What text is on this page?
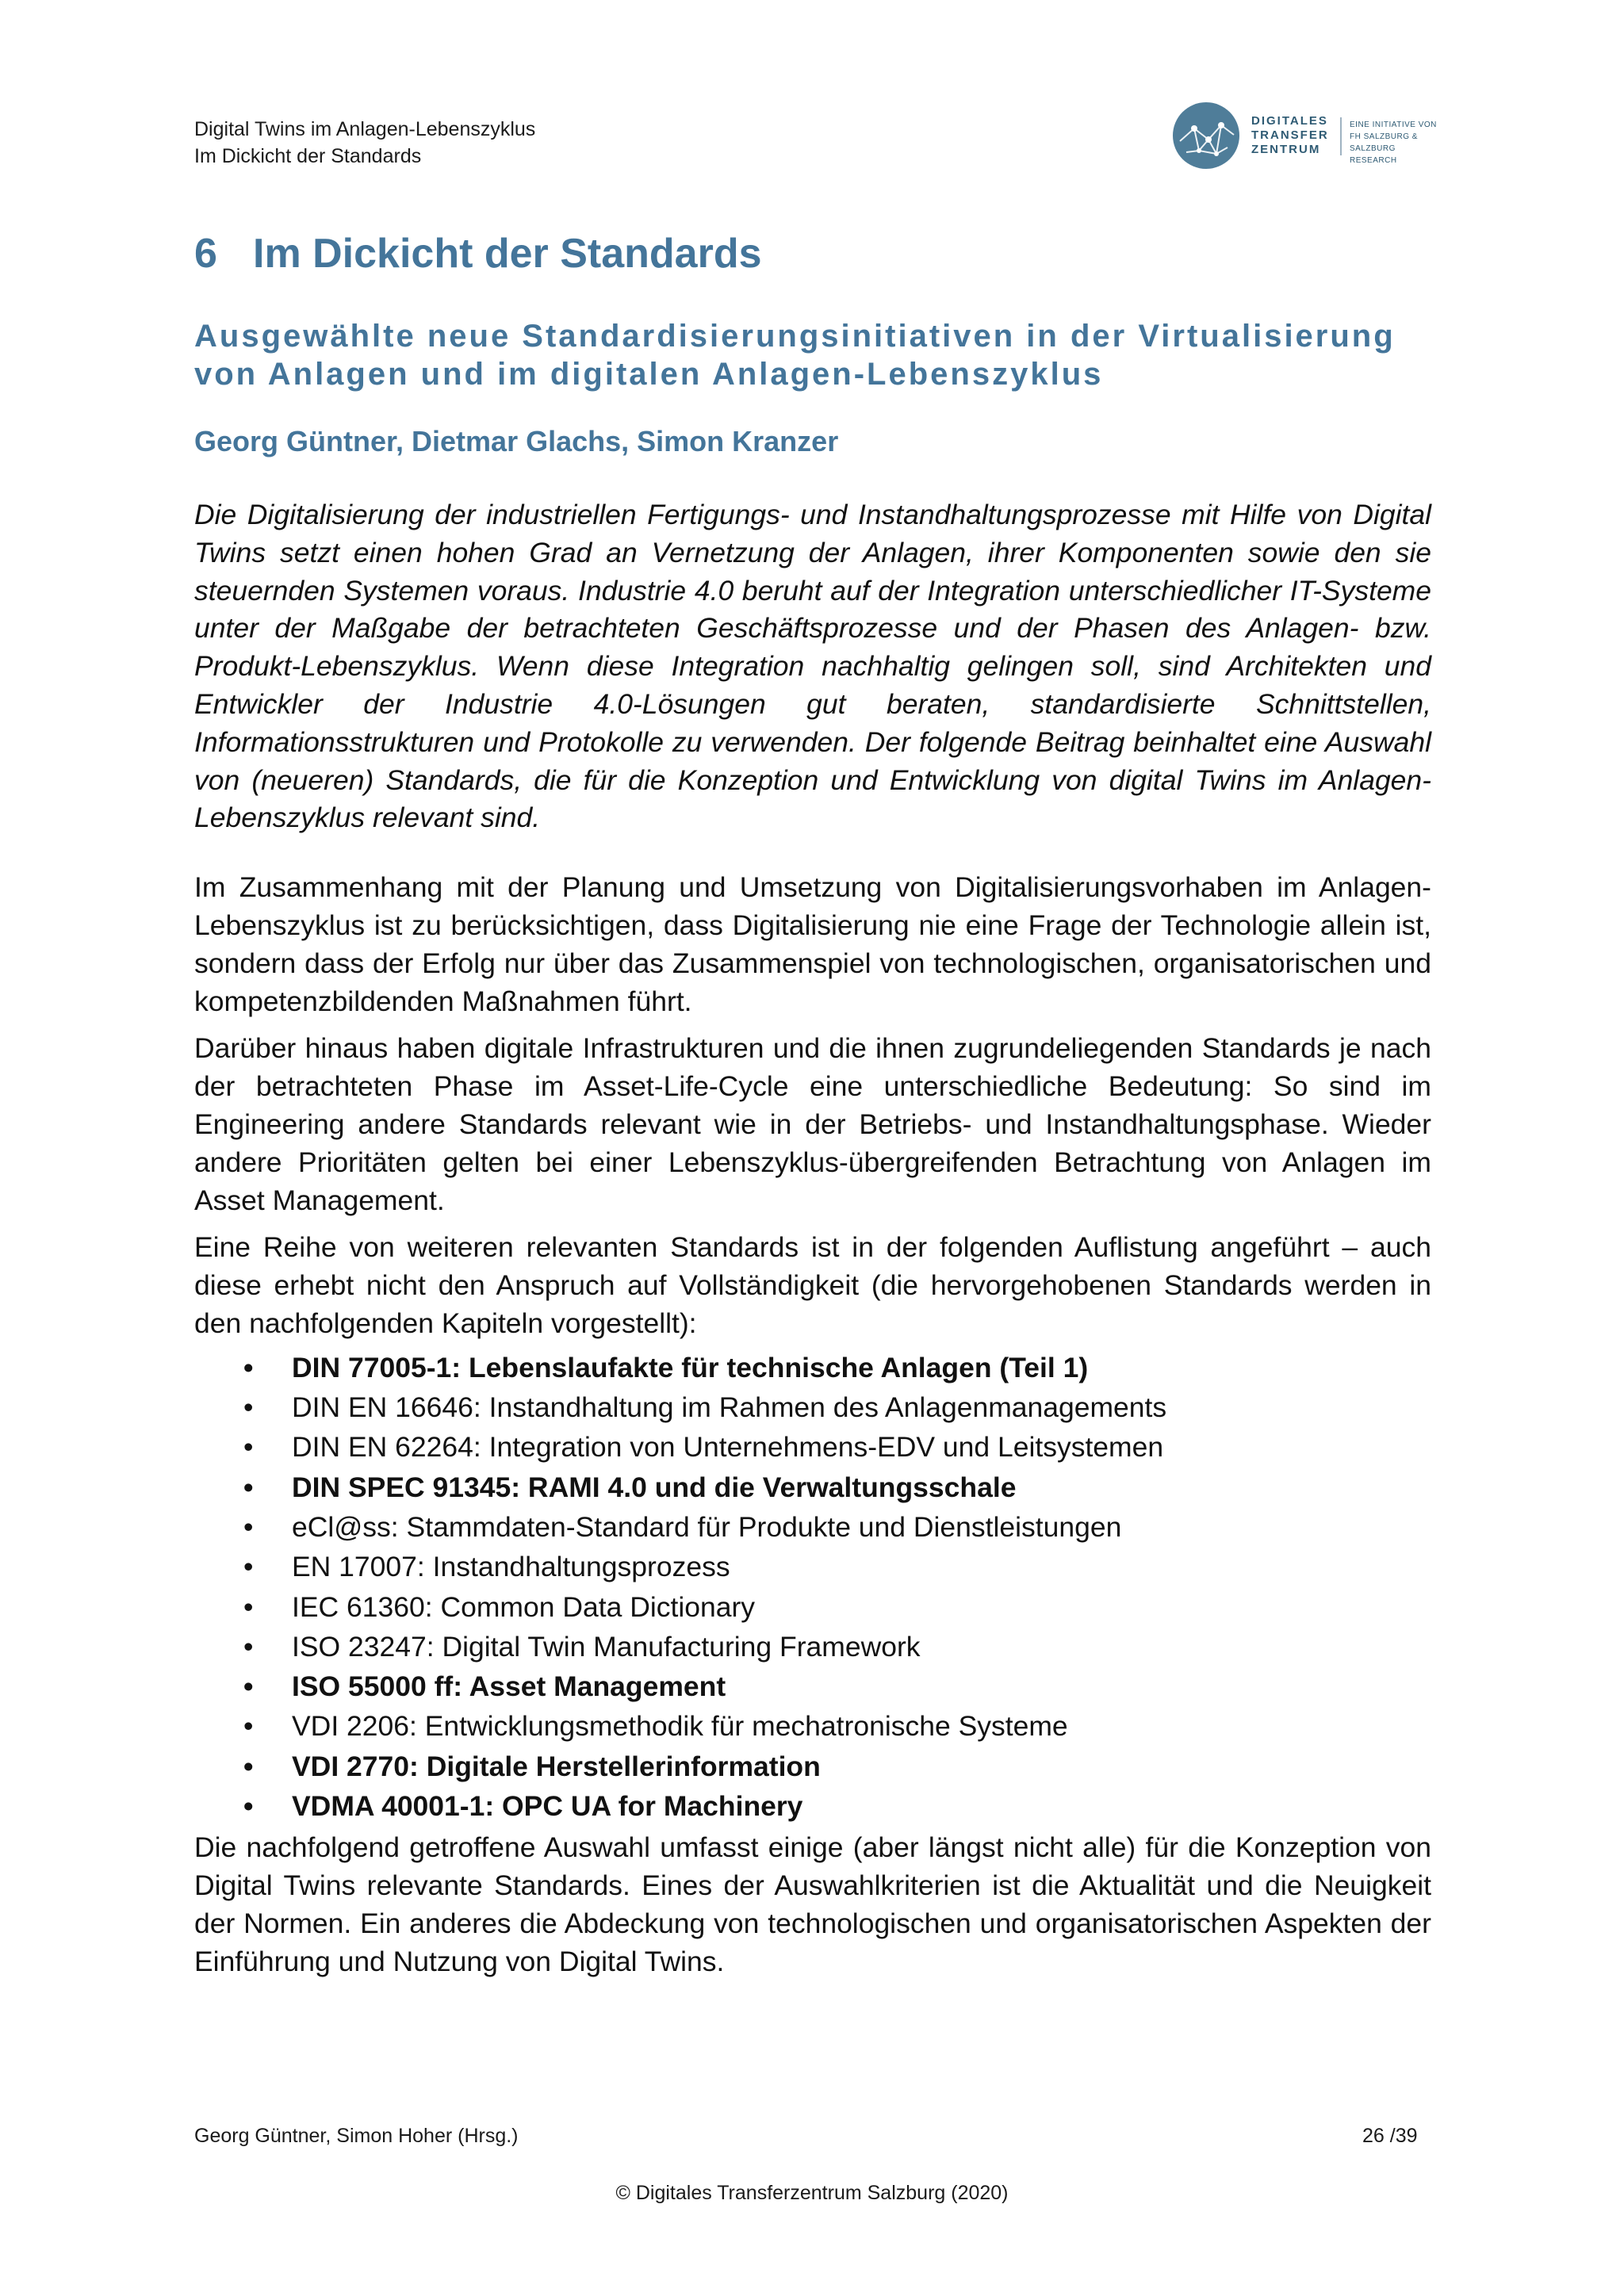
Digital Twins im Anlagen-Lebenszyklus
Im Dickicht der Standards
DIGITALES
TRANSFER
ZENTRUM
EINE INITIATIVE VON
FH SALZBURG &
SALZBURG RESEARCH
6 Im Dickicht der Standards
Ausgewählte neue Standardisierungsinitiativen in der Virtualisierung
von Anlagen und im digitalen Anlagen-Lebenszyklus
Georg Güntner, Dietmar Glachs, Simon Kranzer

Die Digitalisierung der industriellen Fertigungs- und Instandhaltungsprozesse mit Hilfe von Digital Twins setzt einen hohen Grad an Vernetzung der Anlagen, ihrer Komponenten sowie den sie steuernden Systemen voraus. Industrie 4.0 beruht auf der Integration unterschiedlicher IT-Systeme unter der Maßgabe der betrachteten Geschäftsprozesse und der Phasen des Anlagen- bzw. Produkt-Lebenszyklus. Wenn diese Integration nachhaltig gelingen soll, sind Architekten und Entwickler der Industrie 4.0-Lösungen gut beraten, standardisierte Schnittstellen, Informationsstrukturen und Protokolle zu verwenden. Der folgende Beitrag beinhaltet eine Auswahl von (neueren) Standards, die für die Konzeption und Entwicklung von digital Twins im Anlagen-Lebenszyklus relevant sind.

Im Zusammenhang mit der Planung und Umsetzung von Digitalisierungsvorhaben im Anlagen-Lebenszyklus ist zu berücksichtigen, dass Digitalisierung nie eine Frage der Technologie allein ist, sondern dass der Erfolg nur über das Zusammenspiel von technologischen, organisatorischen und kompetenzbildenden Maßnahmen führt.

Darüber hinaus haben digitale Infrastrukturen und die ihnen zugrundeliegenden Standards je nach der betrachteten Phase im Asset-Life-Cycle eine unterschiedliche Bedeutung: So sind im Engineering andere Standards relevant wie in der Betriebs- und Instandhaltungsphase. Wieder andere Prioritäten gelten bei einer Lebenszyklus-übergreifenden Betrachtung von Anlagen im Asset Management.

Eine Reihe von weiteren relevanten Standards ist in der folgenden Auflistung angeführt – auch diese erhebt nicht den Anspruch auf Vollständigkeit (die hervorgehobenen Standards werden in den nachfolgenden Kapiteln vorgestellt):

• DIN 77005-1: Lebenslaufakte für technische Anlagen (Teil 1)
• DIN EN 16646: Instandhaltung im Rahmen des Anlagenmanagements
• DIN EN 62264: Integration von Unternehmens-EDV und Leitsystemen
• DIN SPEC 91345: RAMI 4.0 und die Verwaltungsschale
• eCl@ss: Stammdaten-Standard für Produkte und Dienstleistungen
• EN 17007: Instandhaltungsprozess
• IEC 61360: Common Data Dictionary
• ISO 23247: Digital Twin Manufacturing Framework
• ISO 55000 ff: Asset Management
• VDI 2206: Entwicklungsmethodik für mechatronische Systeme
• VDI 2770: Digitale Herstellerinformation
• VDMA 40001-1: OPC UA for Machinery

Die nachfolgend getroffene Auswahl umfasst einige (aber längst nicht alle) für die Konzeption von Digital Twins relevante Standards. Eines der Auswahlkriterien ist die Aktualität und die Neuigkeit der Normen. Ein anderes die Abdeckung von technologischen und organisatorischen Aspekten der Einführung und Nutzung von Digital Twins.

Georg Güntner, Simon Hoher (Hrsg.)	26 /39
© Digitales Transferzentrum Salzburg (2020)
